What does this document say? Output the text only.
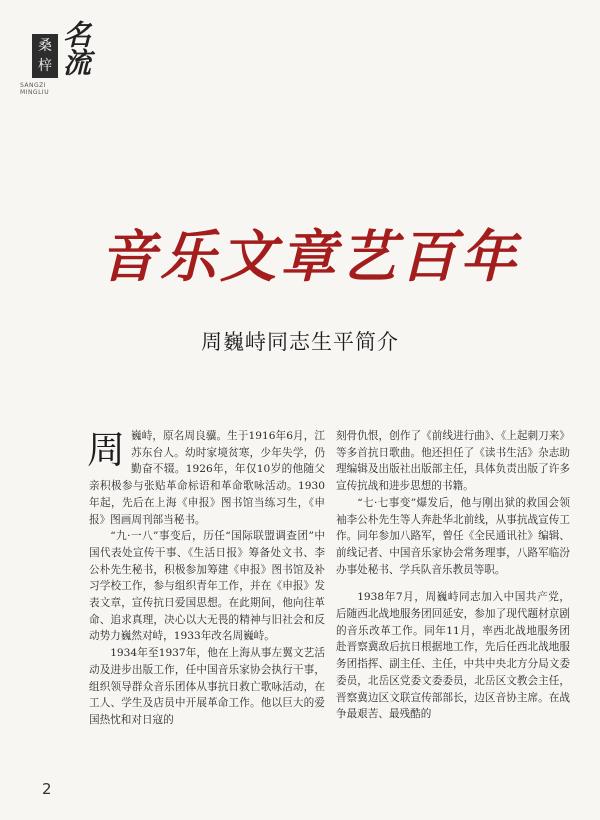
桑
梓 名流
SANGZI
MINGLIU
音乐文章艺百年
周巍峙同志生平简介

周巍峙，原名周良骥。生于1916年6月，江苏东台人。幼时家境贫寒，少年失学，仍勤奋不辍。1926年，年仅10岁的他随父亲积极参与张贴革命标语和革命歌咏活动。1930年起，先后在上海《申报》图书馆当练习生，《申报》图画周刊部当秘书。

“九·一八”事变后，历任“国际联盟调查团”中国代表处宣传干事、《生活日报》筹备处文书、李公朴先生秘书，积极参加筹建《申报》图书馆及补习学校工作，参与组织青年工作，并在《申报》发表文章，宣传抗日爱国思想。在此期间，他向往革命、追求真理，决心以大无畏的精神与旧社会和反动势力巍然对峙，1933年改名周巍峙。

1934年至1937年，他在上海从事左翼文艺活动及进步出版工作，任中国音乐家协会执行干事，组织领导群众音乐团体从事抗日救亡歌咏活动，在工人、学生及店员中开展革命工作。他以巨大的爱国热忱和对日寇的

刻骨仇恨，创作了《前线进行曲》、《上起刺刀来》等多首抗日歌曲。他还担任了《读书生活》杂志助理编辑及出版社出版部主任，具体负责出版了许多宣传抗战和进步思想的书籍。

“七·七事变”爆发后，他与刚出狱的救国会领袖李公朴先生等人奔赴华北前线，从事抗战宣传工作。同年参加八路军，曾任《全民通讯社》编辑、前线记者、中国音乐家协会常务理事，八路军临汾办事处秘书、学兵队音乐教员等职。

1938年7月，周巍峙同志加入中国共产党，后随西北战地服务团回延安，参加了现代题材京剧的音乐改革工作。同年11月，率西北战地服务团赴晋察冀敌后抗日根据地工作，先后任西北战地服务团指挥、副主任、主任，中共中央北方分局文委委员，北岳区党委文委委员，北岳区文教会主任，晋察冀边区文联宣传部部长，边区音协主席。在战争最艰苦、最残酷的

2
